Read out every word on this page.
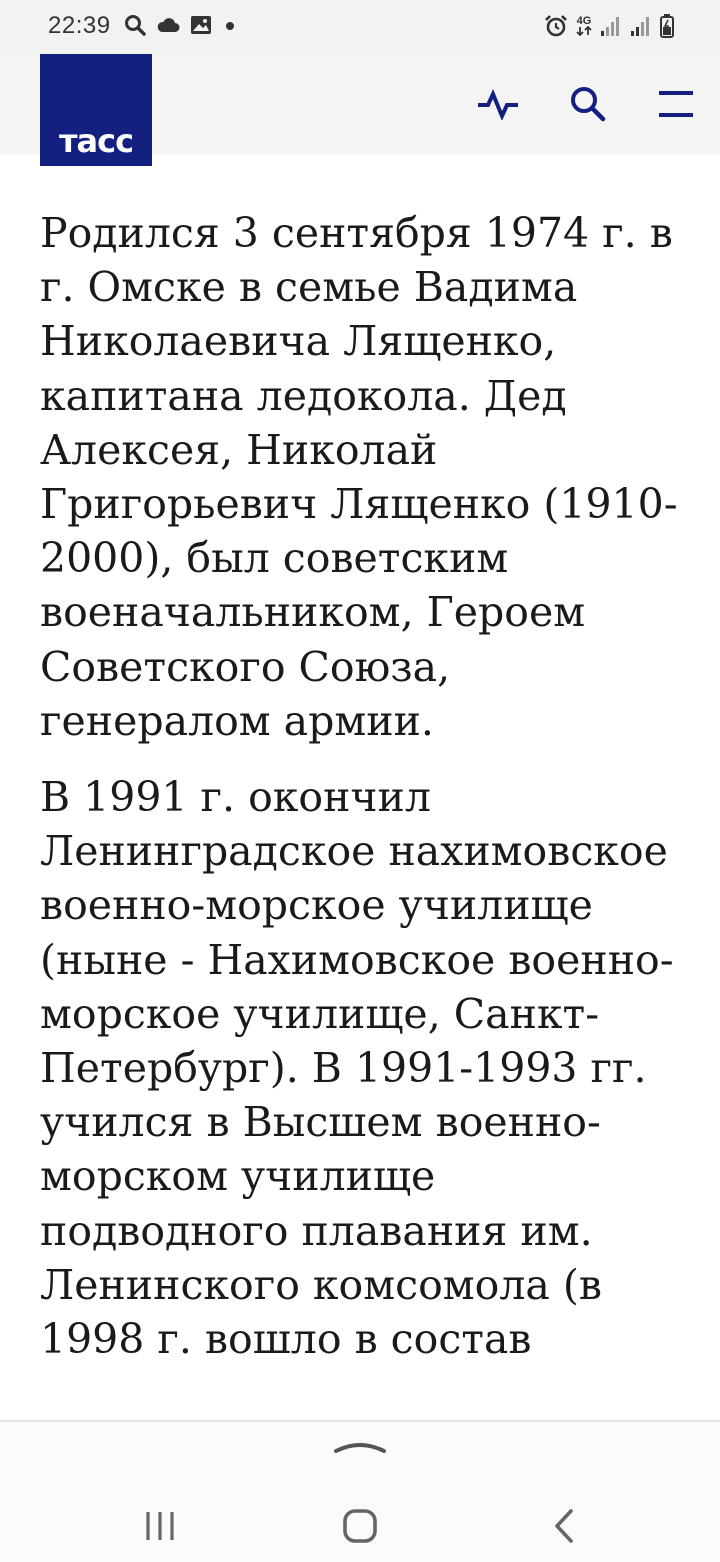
22:39	4G
тасс

Родился 3 сентября 1974 г. в г. Омске в семье Вадима Николаевича Лященко, капитана ледокола. Дед Алексея, Николай Григорьевич Лященко (1910-2000), был советским военачальником, Героем Советского Союза, генералом армии.

В 1991 г. окончил Ленинградское нахимовское военно-морское училище (ныне - Нахимовское военно-морское училище, Санкт-Петербург). В 1991-1993 гг. учился в Высшем военно-морском училище подводного плавания им. Ленинского комсомола (в 1998 г. вошло в состав
